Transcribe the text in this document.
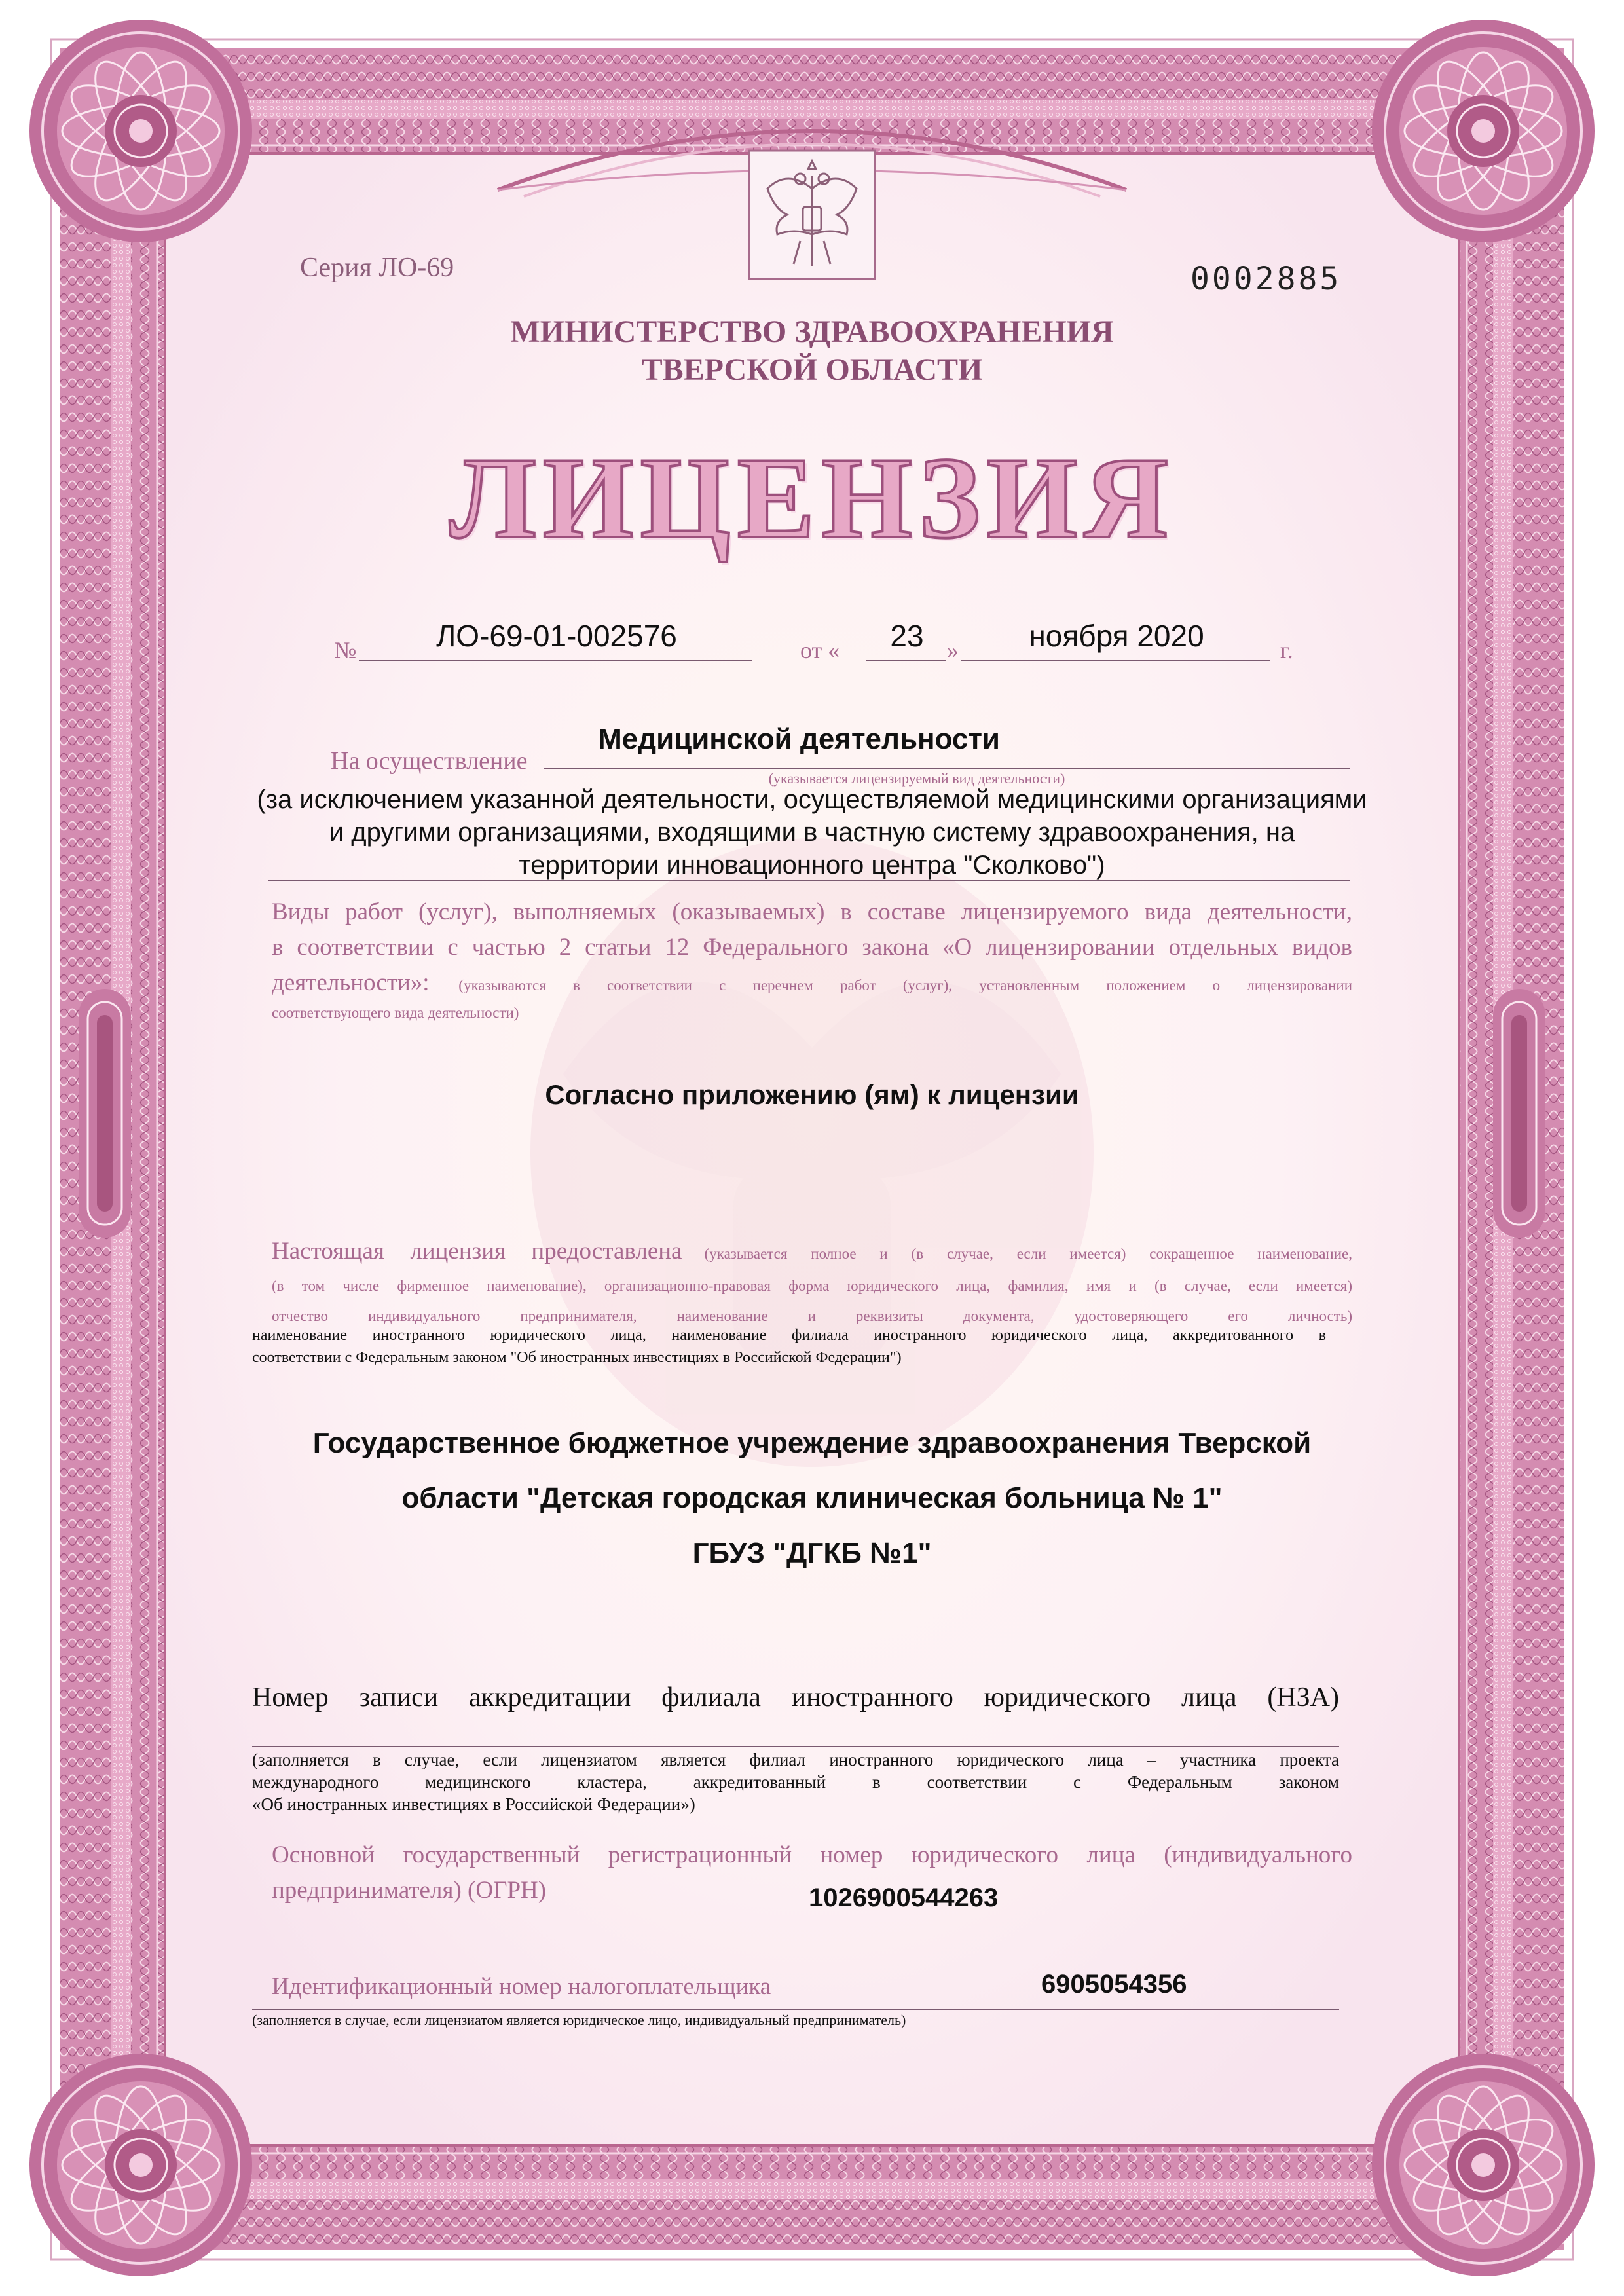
Серия ЛО-69	0002885
МИНИСТЕРСТВО ЗДРАВООХРАНЕНИЯ
ТВЕРСКОЙ ОБЛАСТИ
ЛИЦЕНЗИЯ
№	ЛО-69-01-002576	от «	23 »	ноября 2020	г.
Медицинской деятельности
На осуществление
(указывается лицензируемый вид деятельности)
(за исключением указанной деятельности, осуществляемой медицинскими организациями
и другими организациями, входящими в частную систему здравоохранения, на
территории инновационного центра "Сколково")
Виды работ (услуг), выполняемых (оказываемых) в составе лицензируемого вида деятельности,
в соответствии с частью 2 статьи 12 Федерального закона «О лицензировании отдельных видов
деятельности»: (указываются в соответствии с перечнем работ (услуг), установленным положением о лицензировании
соответствующего вида деятельности)
Согласно приложению (ям) к лицензии
Настоящая лицензия предоставлена (указывается полное и (в случае, если имеется) сокращенное наименование,
(в том числе фирменное наименование), организационно-правовая форма юридического лица, фамилия, имя и (в случае, если имеется)
отчество индивидуального предпринимателя, наименование и реквизиты документа, удостоверяющего его личность)
наименование иностранного юридического лица, наименование филиала иностранного юридического лица, аккредитованного в
соответствии с Федеральным законом "Об иностранных инвестициях в Российской Федерации")
Государственное бюджетное учреждение здравоохранения Тверской
области "Детская городская клиническая больница № 1"
ГБУЗ "ДГКБ №1"
Номер записи аккредитации филиала иностранного юридического лица (НЗА)
(заполняется в случае, если лицензиатом является филиал иностранного юридического лица – участника проекта
международного медицинского кластера, аккредитованный в соответствии с Федеральным законом
«Об иностранных инвестициях в Российской Федерации»)
Основной государственный регистрационный номер юридического лица (индивидуального
предпринимателя) (ОГРН)	1026900544263
Идентификационный номер налогоплательщика	6905054356
(заполняется в случае, если лицензиатом является юридическое лицо, индивидуальный предприниматель)
